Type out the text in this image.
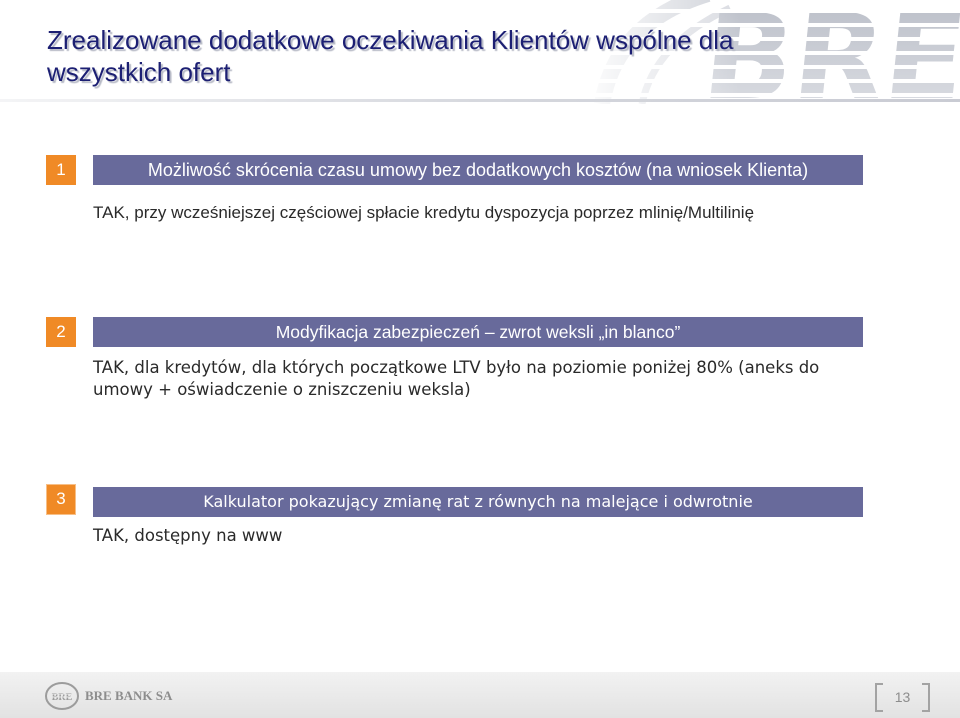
Zrealizowane dodatkowe oczekiwania Klientów wspólne dla wszystkich ofert
1	Możliwość skrócenia czasu umowy bez dodatkowych kosztów (na wniosek Klienta)

TAK, przy wcześniejszej częściowej spłacie kredytu dyspozycja poprzez mlinię/Multilinię

2	Modyfikacja zabezpieczeń – zwrot weksli „in blanco”

TAK, dla kredytów, dla których początkowe LTV było na poziomie poniżej 80% (aneks do umowy + oświadczenie o zniszczeniu weksla)

3	Kalkulator pokazujący zmianę rat z równych na malejące i odwrotnie

TAK, dostępny na www

BRE BRE BANK SA	13
